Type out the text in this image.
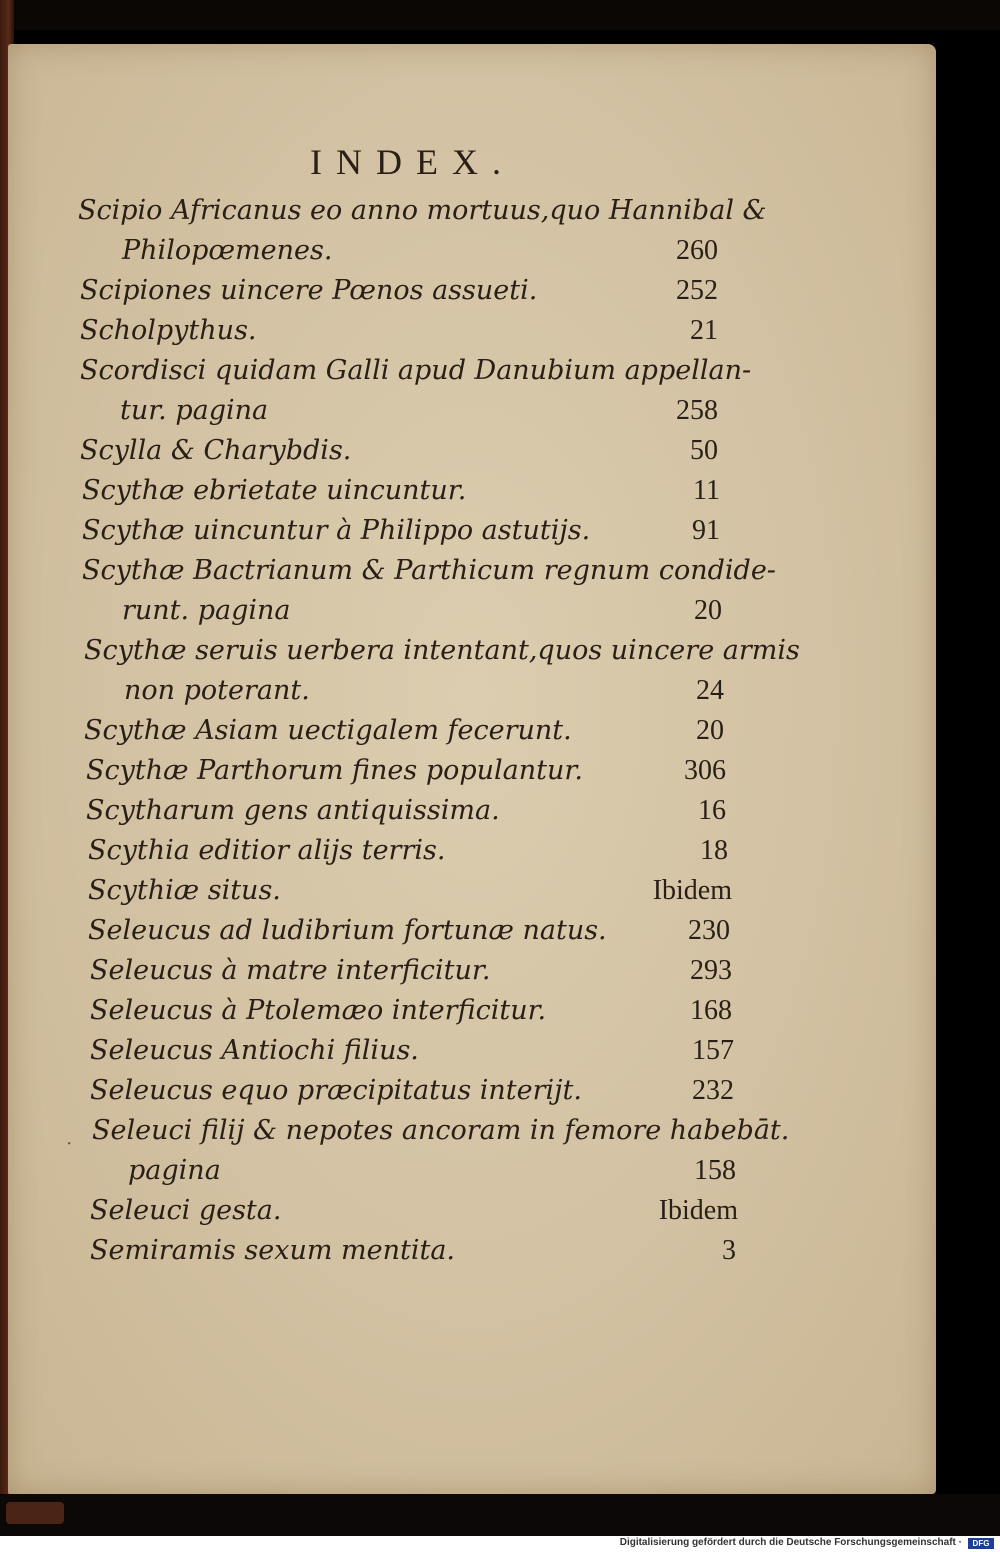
INDEX.
Scipio Africanus eo anno mortuus,quo Hannibal &
Philopœmenes.	260
Scipiones uincere Pœnos assueti.	252
Scholpythus.	21
Scordisci quidam Galli apud Danubium appellan-
tur. pagina	258
Scylla & Charybdis.	50
Scythæ ebrietate uincuntur.	11
Scythæ uincuntur à Philippo astutijs.	91
Scythæ Bactrianum & Parthicum regnum condide-
runt. pagina	20
Scythæ seruis uerbera intentant,quos uincere armis
non poterant.	24
Scythæ Asiam uectigalem fecerunt.	20
Scythæ Parthorum fines populantur.	306
Scytharum gens antiquissima.	16
Scythia editior alijs terris.	18
Scythiæ situs.	Ibidem
Seleucus ad ludibrium fortunæ natus.	230
Seleucus à matre interficitur.	293
Seleucus à Ptolemæo interficitur.	168
Seleucus Antiochi filius.	157
Seleucus equo præcipitatus interijt.	232
· Seleuci filij & nepotes ancoram in femore habebāt.
pagina	158
Seleuci gesta.	Ibidem
Semiramis sexum mentita.	3
Digitalisierung gefördert durch die Deutsche Forschungsgemeinschaft ·	DFG
